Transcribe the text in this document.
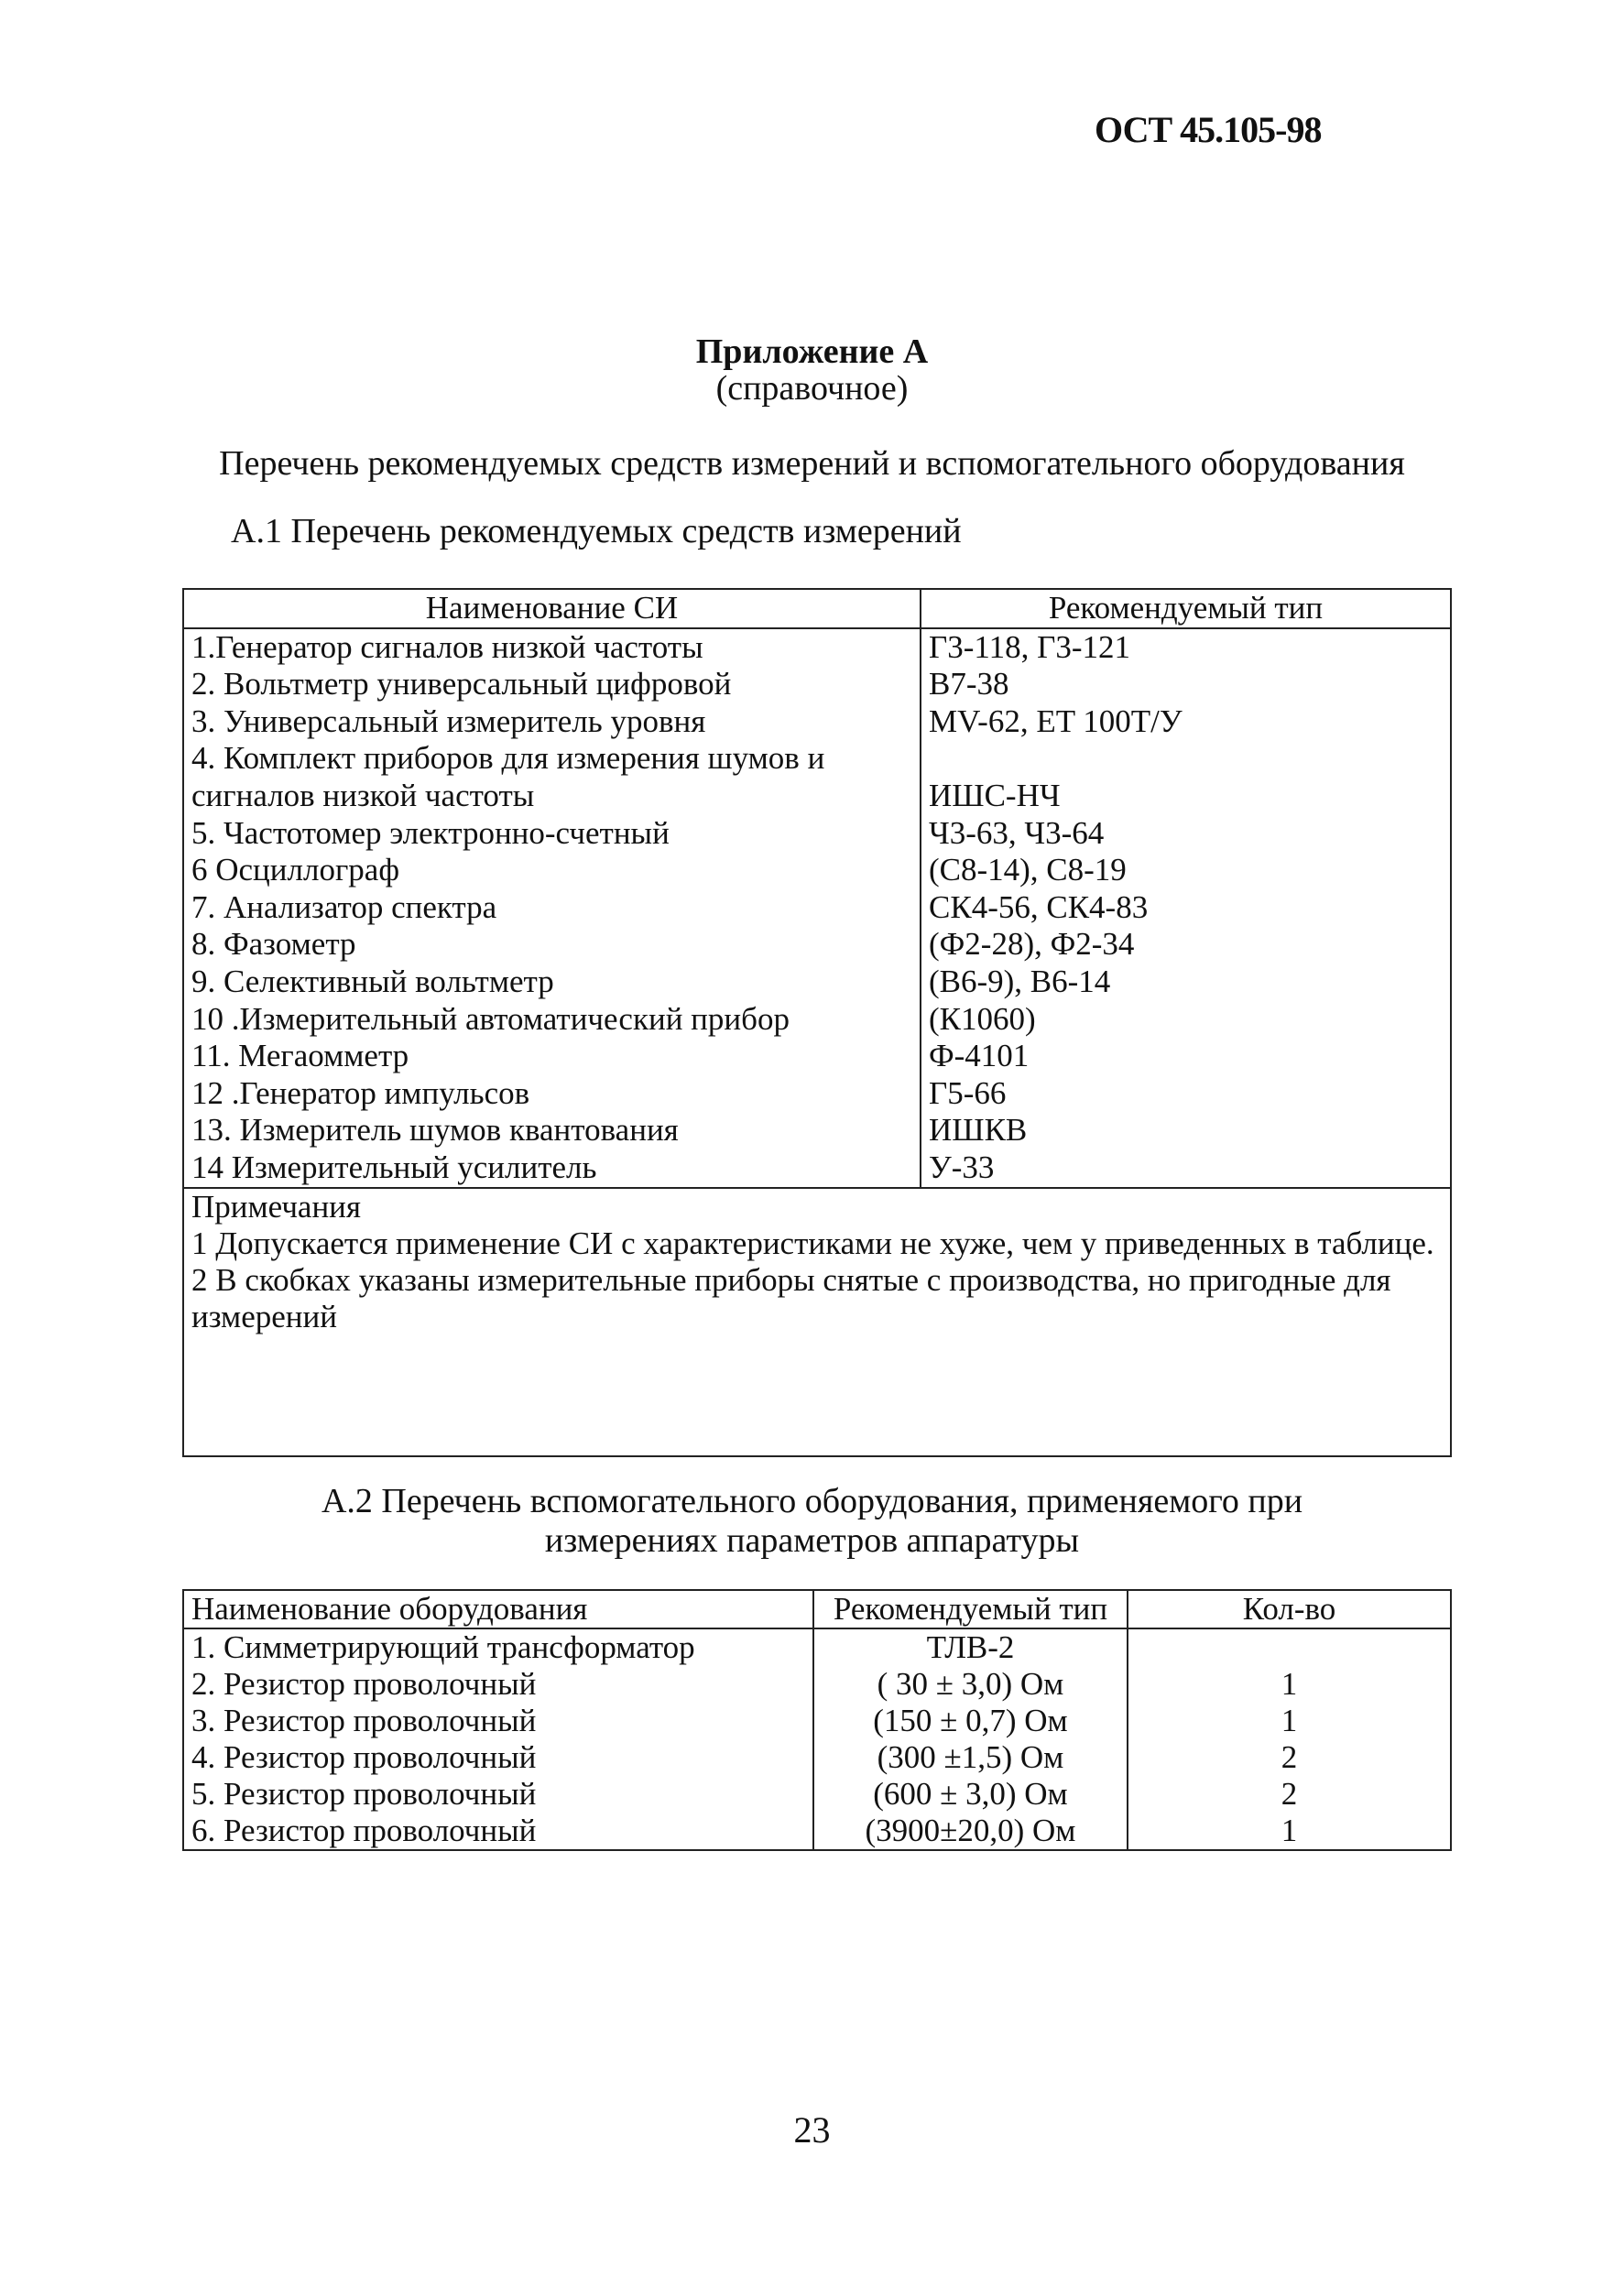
ОСТ 45.105-98
Приложение А
(справочное)
Перечень рекомендуемых средств измерений и вспомогательного оборудования
А.1 Перечень рекомендуемых средств измерений
Наименование СИ	Рекомендуемый тип
1.Генератор сигналов низкой частоты	Г3-118, Г3-121
2. Вольтметр универсальный цифровой	В7-38
3. Универсальный измеритель уровня	MV-62, ET 100T/У
4. Комплект приборов для измерения шумов и	
сигналов низкой частоты	ИШС-НЧ
5. Частотомер электронно-счетный	Ч3-63, Ч3-64
6 Осциллограф	(С8-14), С8-19
7. Анализатор спектра	СК4-56, СК4-83
8. Фазометр	(Ф2-28), Ф2-34
9. Селективный вольтметр	(В6-9), В6-14
10 .Измерительный автоматический прибор	(К1060)
11. Мегаомметр	Ф-4101
12 .Генератор импульсов	Г5-66
13. Измеритель шумов квантования	ИШКВ
14 Измерительный усилитель	У-33

Примечания
1 Допускается применение СИ с характеристиками не хуже, чем у приведенных в таблице.
2 В скобках указаны измерительные приборы снятые с производства, но пригодные для измерений	
А.2 Перечень вспомогательного оборудования, применяемого при
измерениях параметров аппаратуры
Наименование оборудования	Рекомендуемый тип	Кол-во
1. Симметрирующий трансформатор	ТЛВ-2	
2. Резистор проволочный	( 30 ± 3,0) Ом	1
3. Резистор проволочный	(150 ± 0,7) Ом	1
4. Резистор проволочный	(300 ±1,5) Ом	2
5. Резистор проволочный	(600 ± 3,0) Ом	2
6. Резистор проволочный	(3900±20,0) Ом	1
23
